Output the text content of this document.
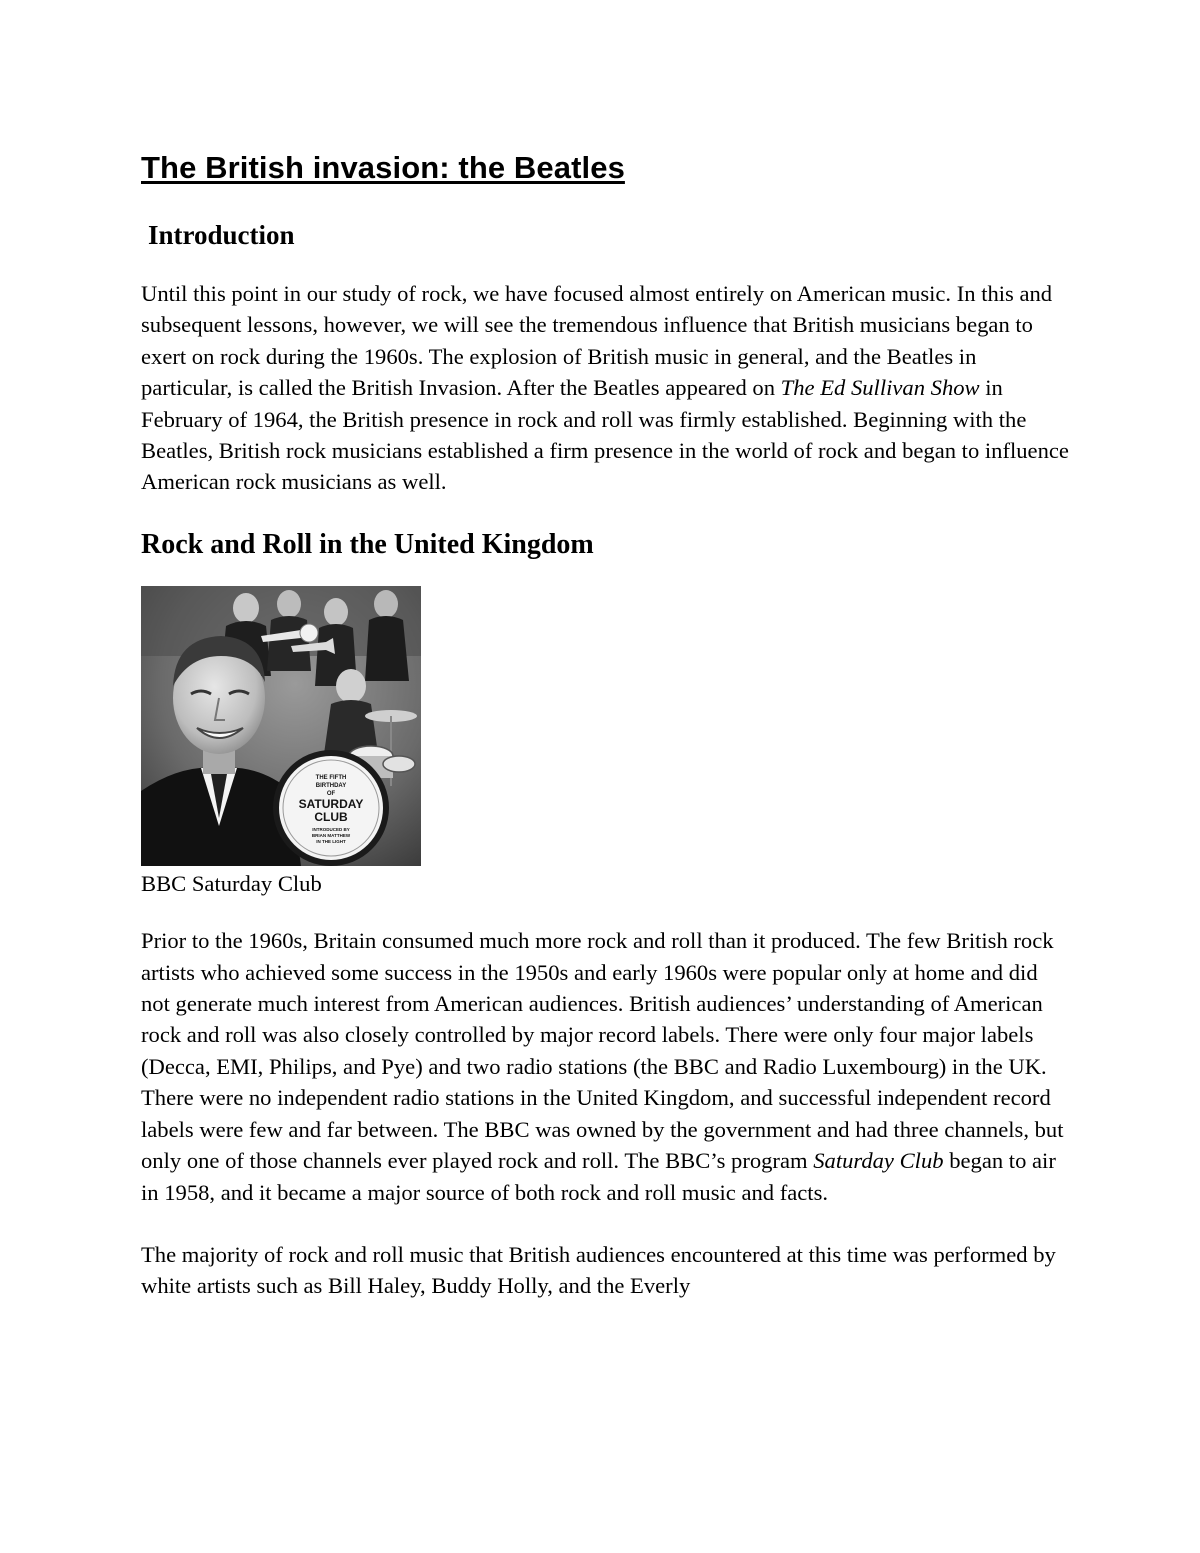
The British invasion: the Beatles
Introduction

Until this point in our study of rock, we have focused almost entirely on American music. In this and subsequent lessons, however, we will see the tremendous influence that British musicians began to exert on rock during the 1960s. The explosion of British music in general, and the Beatles in particular, is called the British Invasion. After the Beatles appeared on The Ed Sullivan Show in February of 1964, the British presence in rock and roll was firmly established. Beginning with the Beatles, British rock musicians established a firm presence in the world of rock and began to influence American rock musicians as well.

Rock and Roll in the United Kingdom
THE FIFTH
BIRTHDAY
OF
SATURDAY
CLUB
INTRODUCED BY
BRIAN MATTHEW
IN THE LIGHT

BBC Saturday Club

Prior to the 1960s, Britain consumed much more rock and roll than it produced. The few British rock artists who achieved some success in the 1950s and early 1960s were popular only at home and did not generate much interest from American audiences. British audiences’ understanding of American rock and roll was also closely controlled by major record labels. There were only four major labels (Decca, EMI, Philips, and Pye) and two radio stations (the BBC and Radio Luxembourg) in the UK. There were no independent radio stations in the United Kingdom, and successful independent record labels were few and far between. The BBC was owned by the government and had three channels, but only one of those channels ever played rock and roll. The BBC’s program Saturday Club began to air in 1958, and it became a major source of both rock and roll music and facts.

The majority of rock and roll music that British audiences encountered at this time was performed by white artists such as Bill Haley, Buddy Holly, and the Everly
